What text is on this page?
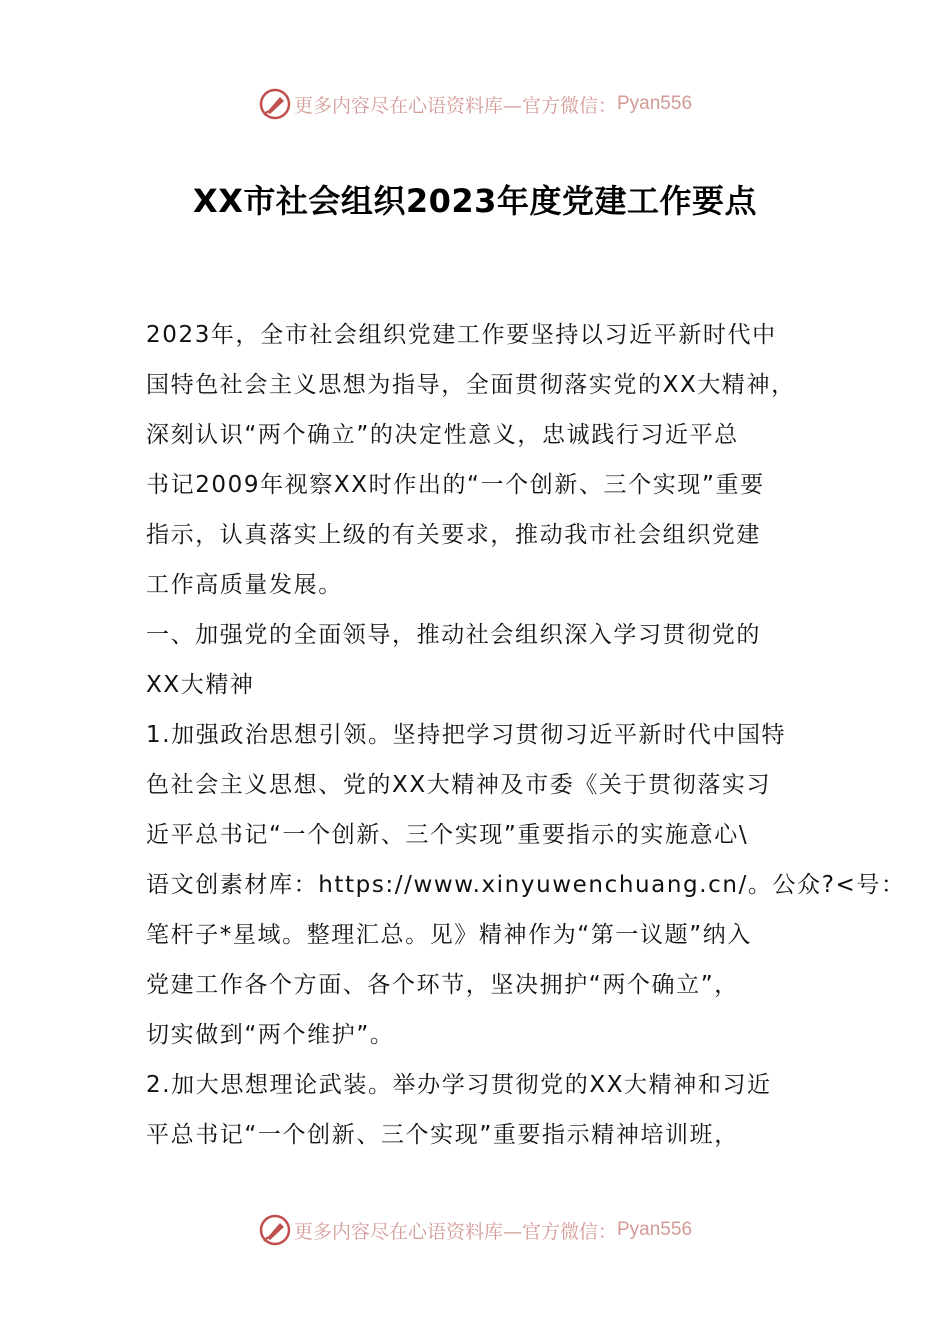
更多内容尽在心语资料库—官方微信： Pyan556
XX市社会组织2023年度党建工作要点
2023年，全市社会组织党建工作要坚持以习近平新时代中
国特色社会主义思想为指导，全面贯彻落实党的XX大精神，
深刻认识“两个确立”的决定性意义，忠诚践行习近平总
书记2009年视察XX时作出的“一个创新、三个实现”重要
指示，认真落实上级的有关要求，推动我市社会组织党建
工作高质量发展。
一、加强党的全面领导，推动社会组织深入学习贯彻党的
XX大精神
1.加强政治思想引领。坚持把学习贯彻习近平新时代中国特
色社会主义思想、党的XX大精神及市委《关于贯彻落实习
近平总书记“一个创新、三个实现”重要指示的实施意心\
语文创素材库：https://www.xinyuwenchuang.cn/。公众?<号：
笔杆子*星域。整理汇总。见》精神作为“第一议题”纳入
党建工作各个方面、各个环节，坚决拥护“两个确立”，
切实做到“两个维护”。
2.加大思想理论武装。举办学习贯彻党的XX大精神和习近
平总书记“一个创新、三个实现”重要指示精神培训班，
更多内容尽在心语资料库—官方微信： Pyan556
